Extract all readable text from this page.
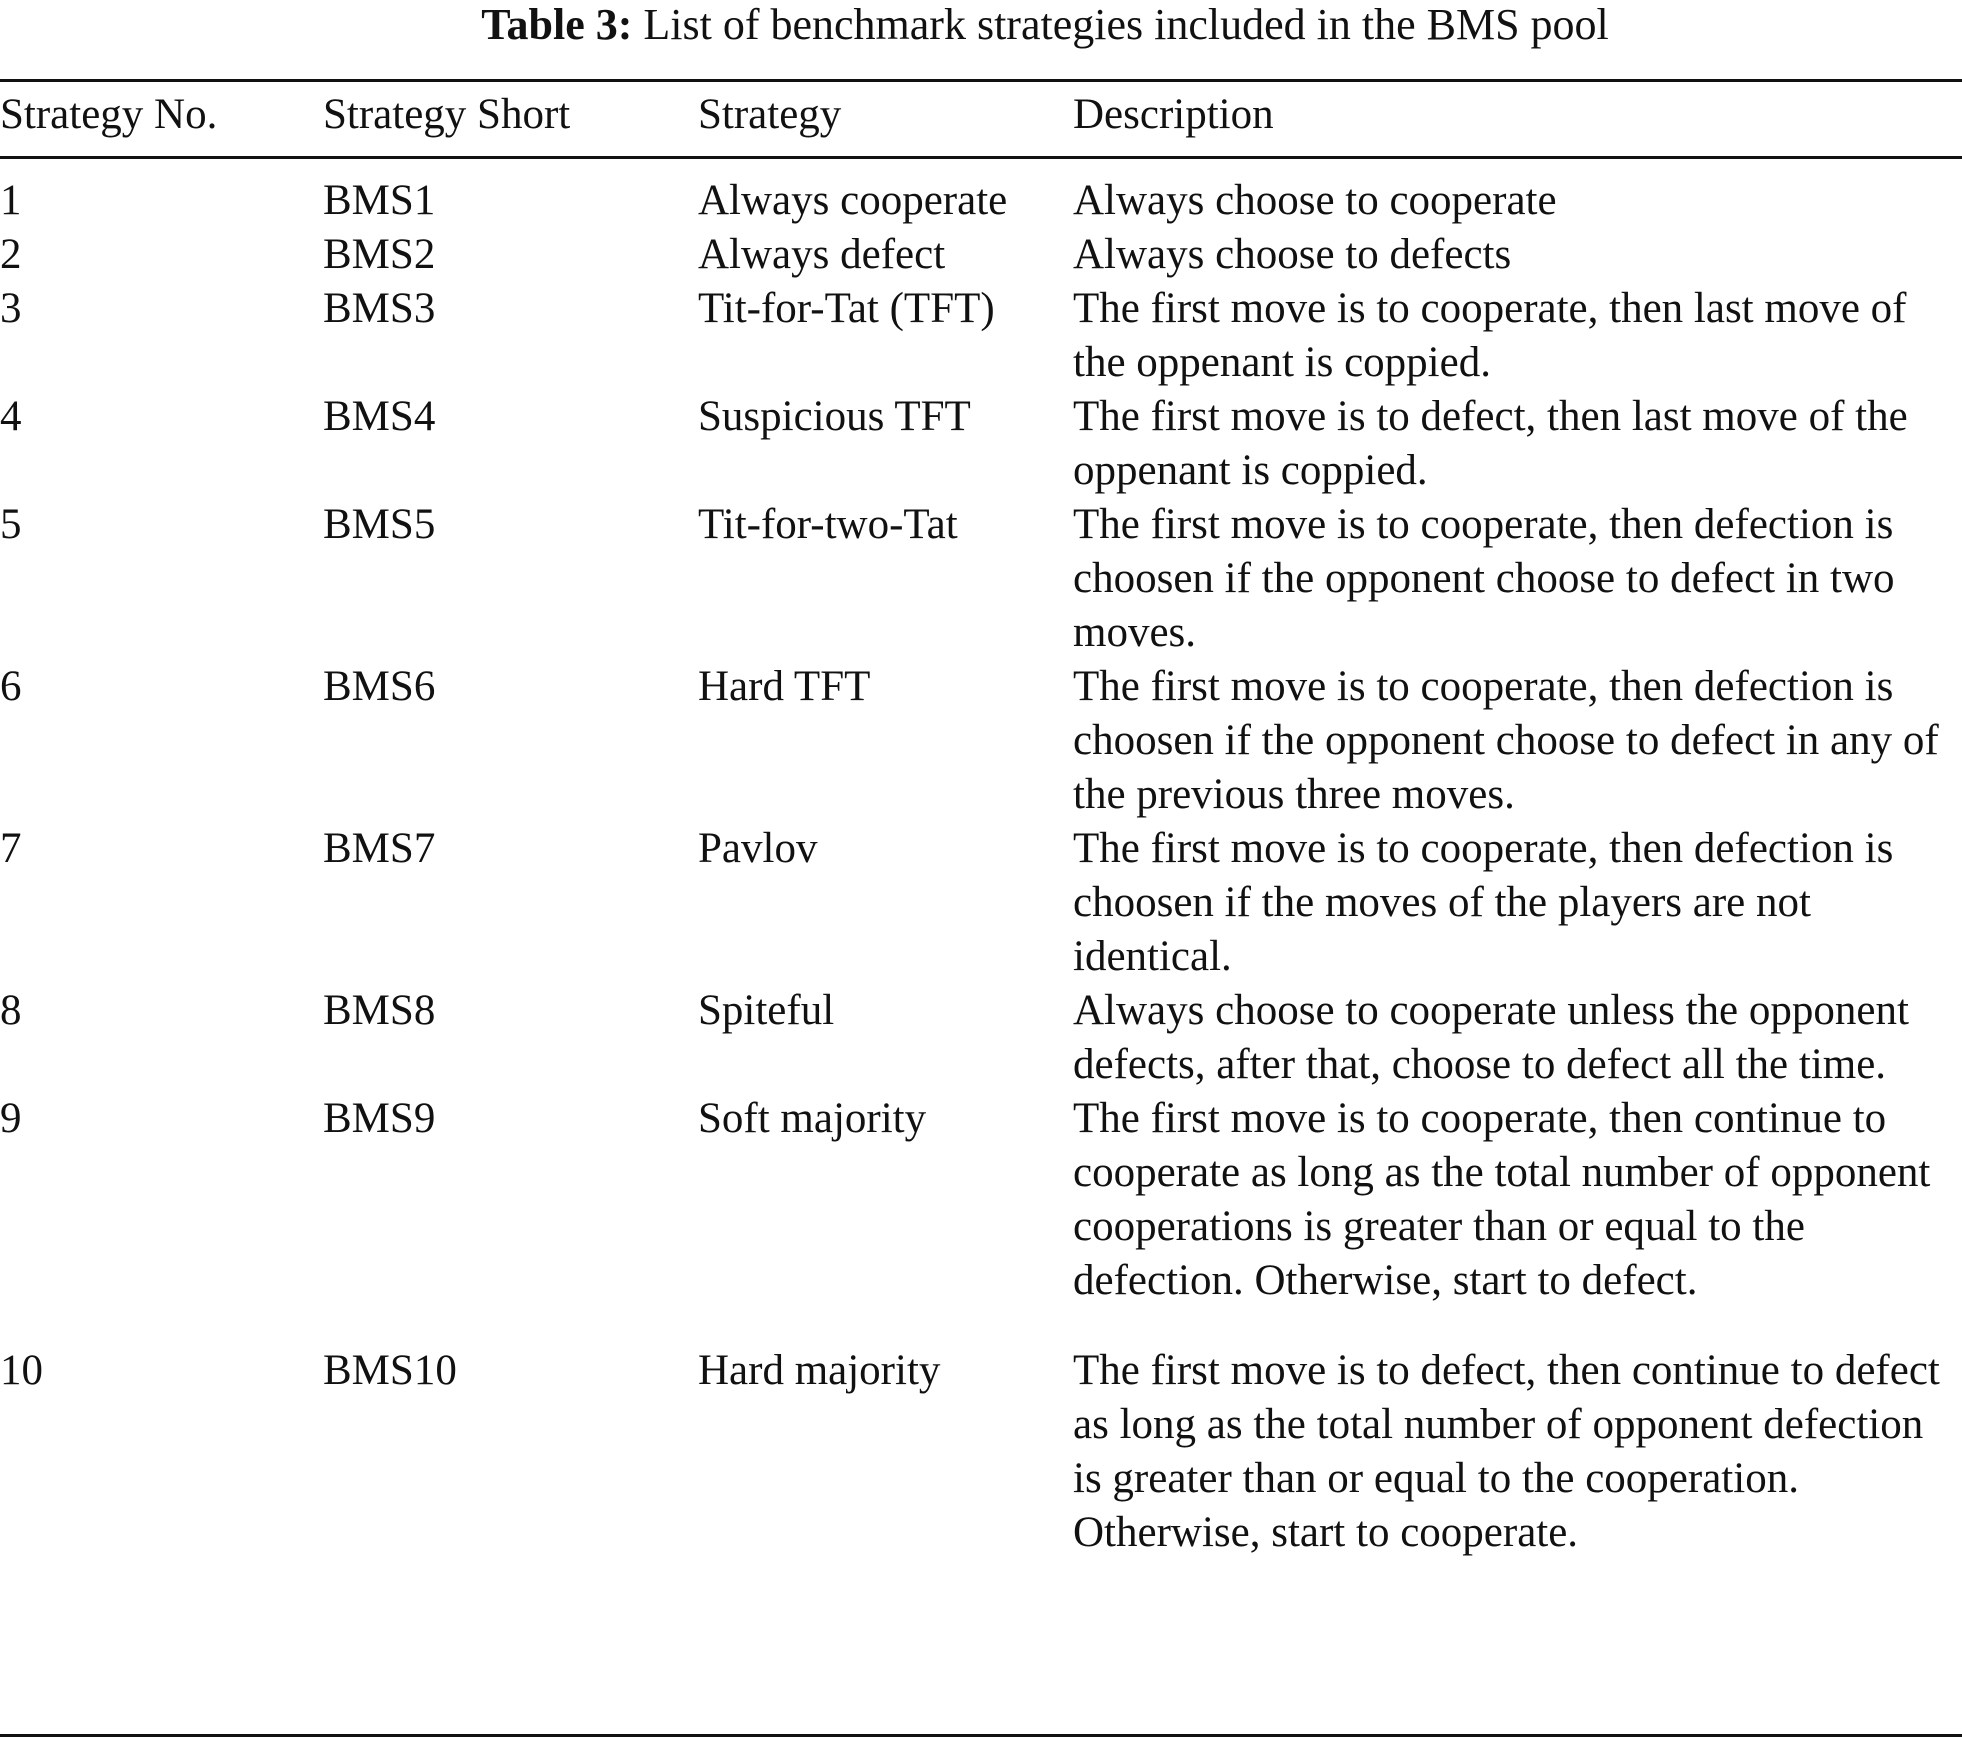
Table 3: List of benchmark strategies included in the BMS pool
Strategy No.	Strategy Short	Strategy	Description
1	BMS1	Always cooperate	Always choose to cooperate
2	BMS2	Always defect	Always choose to defects
3	BMS3	Tit-for-Tat (TFT)	The first move is to cooperate, then last move of the oppenant is coppied.
4	BMS4	Suspicious TFT	The first move is to defect, then last move of the oppenant is coppied.
5	BMS5	Tit-for-two-Tat	The first move is to cooperate, then defection is choosen if the opponent choose to defect in two moves.
6	BMS6	Hard TFT	The first move is to cooperate, then defection is choosen if the opponent choose to defect in any of the previous three moves.
7	BMS7	Pavlov	The first move is to cooperate, then defection is choosen if the moves of the players are not identical.
8	BMS8	Spiteful	Always choose to cooperate unless the opponent defects, after that, choose to defect all the time.
9	BMS9	Soft majority	The first move is to cooperate, then continue to cooperate as long as the total number of opponent cooperations is greater than or equal to the defection. Otherwise, start to defect.
10	BMS10	Hard majority	The first move is to defect, then continue to defect as long as the total number of opponent defection is greater than or equal to the cooperation. Otherwise, start to cooperate.
